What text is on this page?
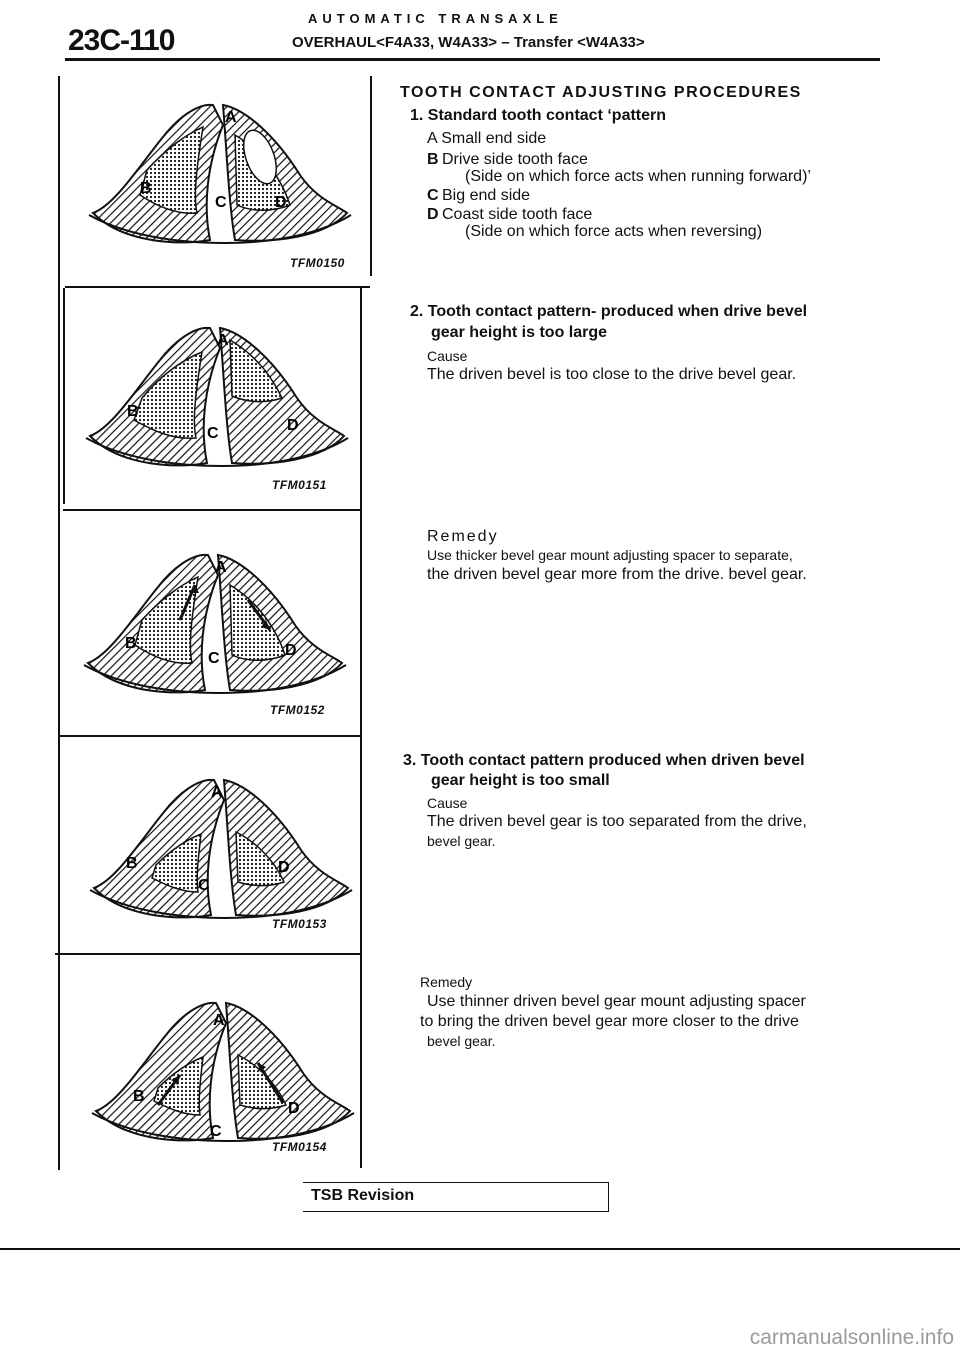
23C-110
AUTOMATIC TRANSAXLE
OVERHAUL<F4A33, W4A33> – Transfer <W4A33>
A
B
C	D
TFM0150
A
B
C	D
TFM0151
A
B
C	D
TFM0152
A
B
C
D
TFM0153
A
B
C
D
TFM0154
TOOTH CONTACT ADJUSTING PROCEDURES
1. Standard tooth contact ‘pattern
A Small end side
B Drive side tooth face
(Side on which force acts when running forward)’
C Big end side
D Coast side tooth face
(Side on which force acts when reversing)
2. Tooth contact pattern- produced when drive bevel
gear height is too large
Cause
The driven bevel is too close to the drive bevel gear.
Remedy
Use thicker bevel gear mount adjusting spacer to separate,
the driven bevel gear more from the drive. bevel gear.
3. Tooth contact pattern produced when driven bevel
gear height is too small
Cause
The driven bevel gear is too separated from the drive,
bevel gear.
Remedy
Use thinner driven bevel gear mount adjusting spacer
to bring the driven bevel gear more closer to the drive
bevel gear.
TSB Revision
carmanualsonline.info
